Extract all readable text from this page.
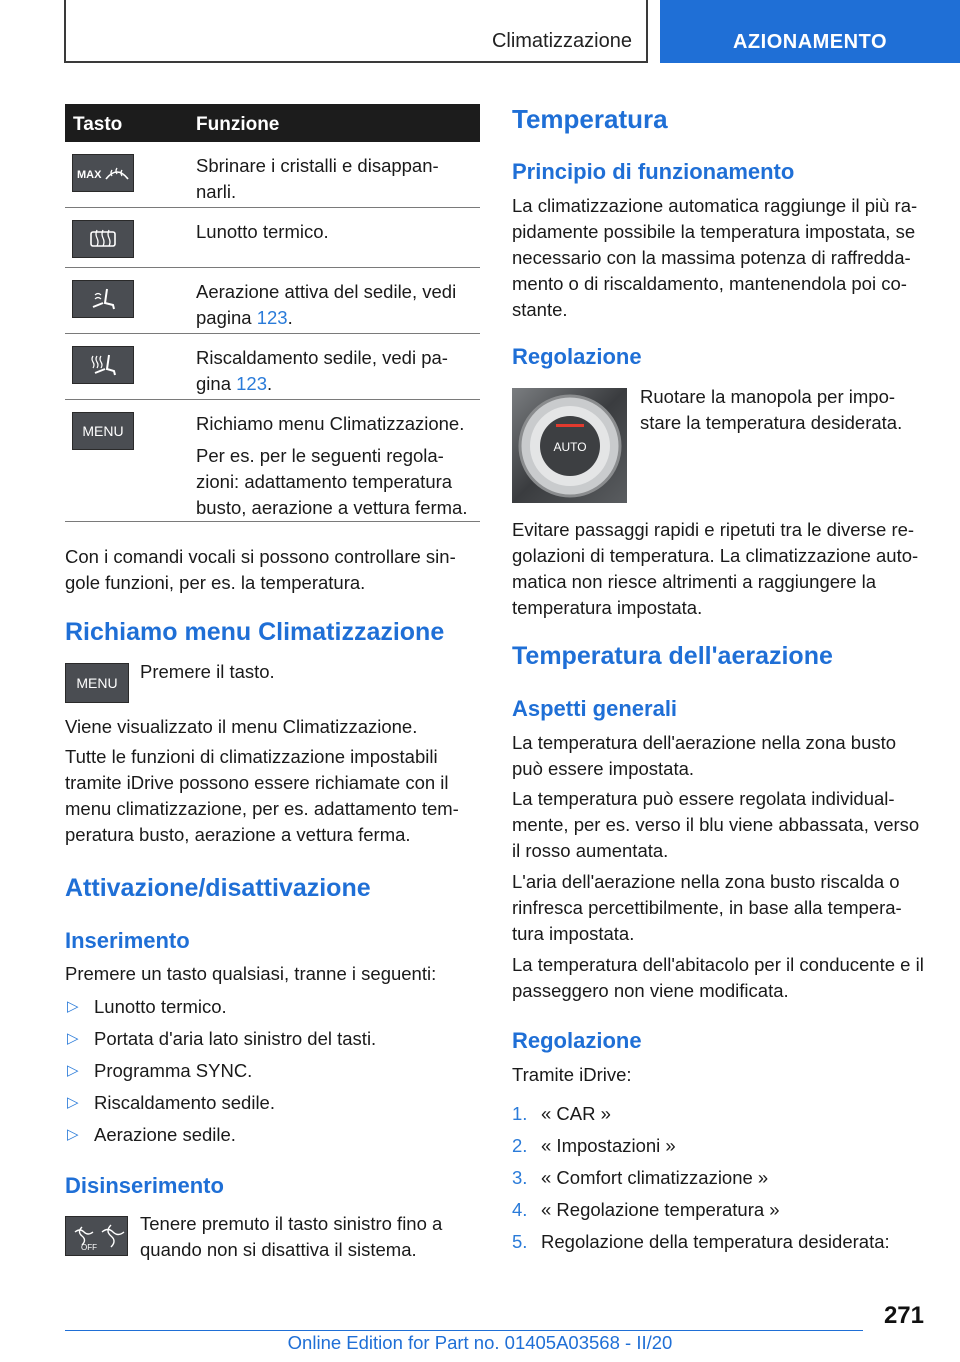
Climatizzazione	AZIONAMENTO
Tasto	Funzione
MAX	Sbrinare i cristalli e disappan-narli.

Lunotto termico.

Aerazione attiva del sedile, vedi pagina 123.

Riscaldamento sedile, vedi pa-gina 123.

MENU	Richiamo menu Climatizzazione.

Per es. per le seguenti regola-zioni: adattamento temperatura busto, aerazione a vettura ferma.

Con i comandi vocali si possono controllare sin-gole funzioni, per es. la temperatura.

Richiamo menu Climatizzazione
MENU

Premere il tasto.

Viene visualizzato il menu Climatizzazione.

Tutte le funzioni di climatizzazione impostabili tramite iDrive possono essere richiamate con il menu climatizzazione, per es. adattamento tem-peratura busto, aerazione a vettura ferma.

Attivazione/disattivazione
Inserimento

Premere un tasto qualsiasi, tranne i seguenti:

▷ Lunotto termico.
▷ Portata d'aria lato sinistro del tasti.
▷ Programma SYNC.
▷ Riscaldamento sedile.
▷ Aerazione sedile.
Disinserimento
OFF

Tenere premuto il tasto sinistro fino a quando non si disattiva il sistema.

Temperatura
Principio di funzionamento

La climatizzazione automatica raggiunge il più ra-pidamente possibile la temperatura impostata, se necessario con la massima potenza di raffredda-mento o di riscaldamento, mantenendola poi co-stante.

Regolazione
AUTO

Ruotare la manopola per impo-stare la temperatura desiderata.

Evitare passaggi rapidi e ripetuti tra le diverse re-golazioni di temperatura. La climatizzazione auto-matica non riesce altrimenti a raggiungere la temperatura impostata.

Temperatura dell'aerazione
Aspetti generali

La temperatura dell'aerazione nella zona busto può essere impostata.

La temperatura può essere regolata individual-mente, per es. verso il blu viene abbassata, verso il rosso aumentata.

L'aria dell'aerazione nella zona busto riscalda o rinfresca percettibilmente, in base alla tempera-tura impostata.

La temperatura dell'abitacolo per il conducente e il passeggero non viene modificata.

Regolazione

Tramite iDrive:

1. « CAR »
2. « Impostazioni »
3. « Comfort climatizzazione »
4. « Regolazione temperatura »
5. Regolazione della temperatura desiderata:
271
Online Edition for Part no. 01405A03568 - II/20
